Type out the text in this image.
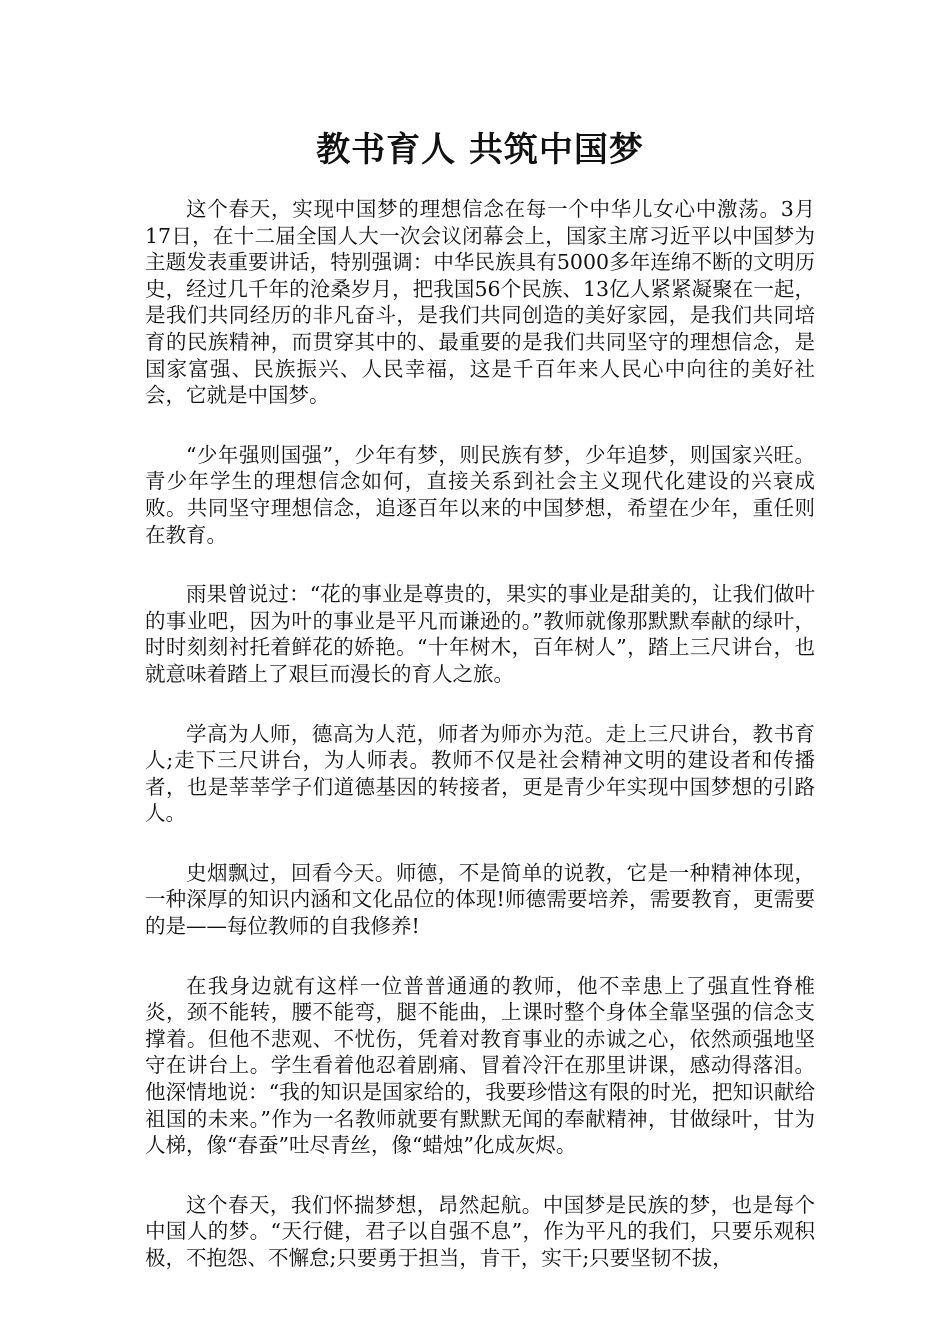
教书育人 共筑中国梦

这个春天，实现中国梦的理想信念在每一个中华儿女心中激荡。3月17日，在十二届全国人大一次会议闭幕会上，国家主席习近平以中国梦为主题发表重要讲话，特别强调：中华民族具有5000多年连绵不断的文明历史，经过几千年的沧桑岁月，把我国56个民族、13亿人紧紧凝聚在一起，是我们共同经历的非凡奋斗，是我们共同创造的美好家园，是我们共同培育的民族精神，而贯穿其中的、最重要的是我们共同坚守的理想信念，是国家富强、民族振兴、人民幸福，这是千百年来人民心中向往的美好社会，它就是中国梦。

“少年强则国强”，少年有梦，则民族有梦，少年追梦，则国家兴旺。青少年学生的理想信念如何，直接关系到社会主义现代化建设的兴衰成败。共同坚守理想信念，追逐百年以来的中国梦想，希望在少年，重任则在教育。

雨果曾说过：“花的事业是尊贵的，果实的事业是甜美的，让我们做叶的事业吧，因为叶的事业是平凡而谦逊的。”教师就像那默默奉献的绿叶，时时刻刻衬托着鲜花的娇艳。“十年树木，百年树人”，踏上三尺讲台，也就意味着踏上了艰巨而漫长的育人之旅。

学高为人师，德高为人范，师者为师亦为范。走上三尺讲台，教书育人;走下三尺讲台，为人师表。教师不仅是社会精神文明的建设者和传播者，也是莘莘学子们道德基因的转接者，更是青少年实现中国梦想的引路人。

史烟飘过，回看今天。师德，不是简单的说教，它是一种精神体现，一种深厚的知识内涵和文化品位的体现!师德需要培养，需要教育，更需要的是——每位教师的自我修养!

在我身边就有这样一位普普通通的教师，他不幸患上了强直性脊椎炎，颈不能转，腰不能弯，腿不能曲，上课时整个身体全靠坚强的信念支撑着。但他不悲观、不忧伤，凭着对教育事业的赤诚之心，依然顽强地坚守在讲台上。学生看着他忍着剧痛、冒着冷汗在那里讲课，感动得落泪。他深情地说：“我的知识是国家给的，我要珍惜这有限的时光，把知识献给祖国的未来。”作为一名教师就要有默默无闻的奉献精神，甘做绿叶，甘为人梯，像“春蚕”吐尽青丝，像“蜡烛”化成灰烬。

这个春天，我们怀揣梦想，昂然起航。中国梦是民族的梦，也是每个中国人的梦。“天行健，君子以自强不息”，作为平凡的我们，只要乐观积极，不抱怨、不懈怠;只要勇于担当，肯干，实干;只要坚韧不拔，
